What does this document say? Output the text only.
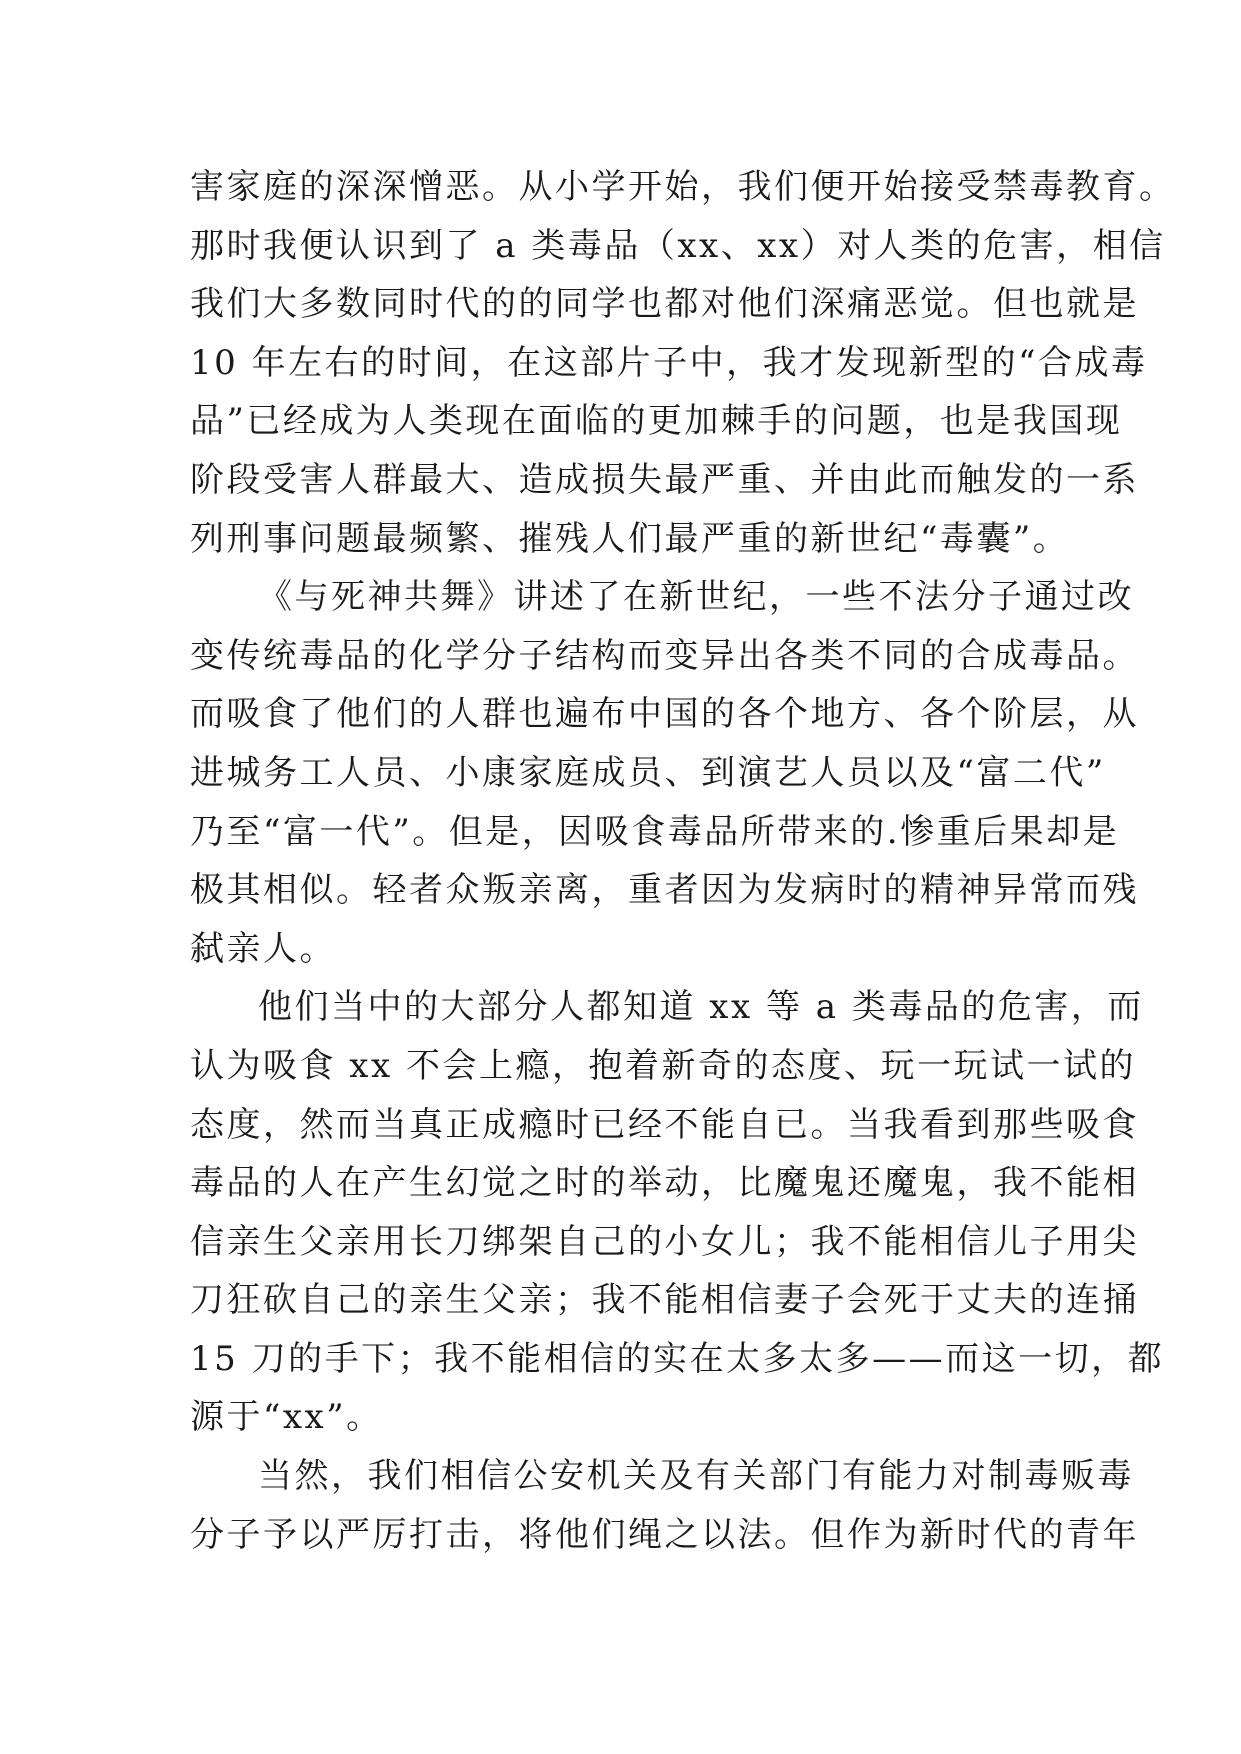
害家庭的深深憎恶。从小学开始，我们便开始接受禁毒教育。
那时我便认识到了 a 类毒品（xx、xx）对人类的危害，相信
我们大多数同时代的的同学也都对他们深痛恶觉。但也就是
10 年左右的时间，在这部片子中，我才发现新型的“合成毒
品”已经成为人类现在面临的更加棘手的问题，也是我国现
阶段受害人群最大、造成损失最严重、并由此而触发的一系
列刑事问题最频繁、摧残人们最严重的新世纪“毒囊”。
《与死神共舞》讲述了在新世纪，一些不法分子通过改
变传统毒品的化学分子结构而变异出各类不同的合成毒品。
而吸食了他们的人群也遍布中国的各个地方、各个阶层，从
进城务工人员、小康家庭成员、到演艺人员以及“富二代”
乃至“富一代”。但是，因吸食毒品所带来的.惨重后果却是
极其相似。轻者众叛亲离，重者因为发病时的精神异常而残
弑亲人。
他们当中的大部分人都知道 xx 等 a 类毒品的危害，而
认为吸食 xx 不会上瘾，抱着新奇的态度、玩一玩试一试的
态度，然而当真正成瘾时已经不能自已。当我看到那些吸食
毒品的人在产生幻觉之时的举动，比魔鬼还魔鬼，我不能相
信亲生父亲用长刀绑架自己的小女儿；我不能相信儿子用尖
刀狂砍自己的亲生父亲；我不能相信妻子会死于丈夫的连捅
15 刀的手下；我不能相信的实在太多太多——而这一切，都
源于“xx”。
当然，我们相信公安机关及有关部门有能力对制毒贩毒
分子予以严厉打击，将他们绳之以法。但作为新时代的青年
